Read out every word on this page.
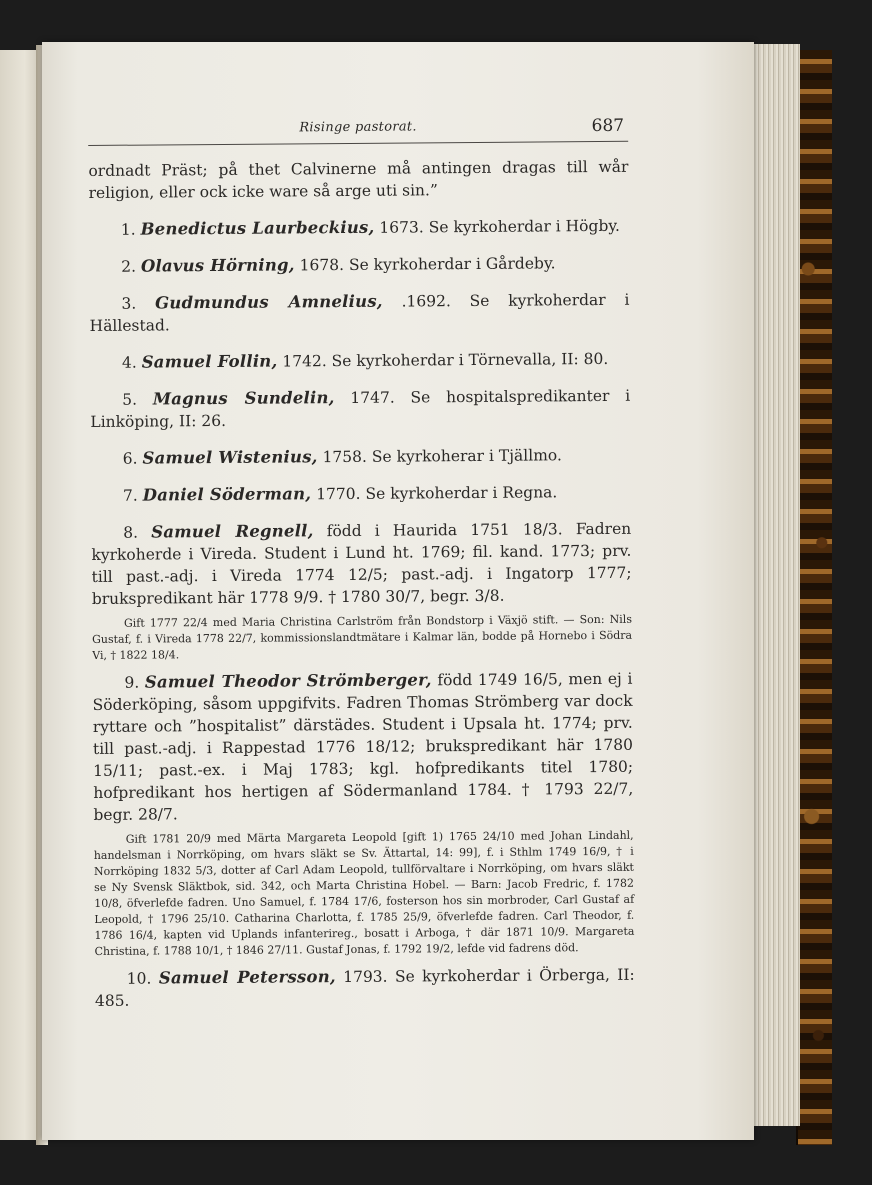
Risinge pastorat.	687

ordnadt Präst; på thet Calvinerne må antingen dragas till wår religion, eller ock icke ware så arge uti sin.”

1. Benedictus Laurbeckius, 1673. Se kyrkoherdar i Högby.

2. Olavus Hörning, 1678. Se kyrkoherdar i Gårdeby.

3. Gudmundus Amnelius, .1692. Se kyrkoherdar i Hällestad.

4. Samuel Follin, 1742. Se kyrkoherdar i Törnevalla, II: 80.

5. Magnus Sundelin, 1747. Se hospitalspredikanter i Linköping, II: 26.

6. Samuel Wistenius, 1758. Se kyrkoherar i Tjällmo.

7. Daniel Söderman, 1770. Se kyrkoherdar i Regna.

8. Samuel Regnell, född i Haurida 1751 18/3. Fadren kyrkoherde i Vireda. Student i Lund ht. 1769; fil. kand. 1773; prv. till past.-adj. i Vireda 1774 12/5; past.-adj. i Ingatorp 1777; brukspredikant här 1778 9/9. † 1780 30/7, begr. 3/8.

Gift 1777 22/4 med Maria Christina Carlström från Bondstorp i Växjö stift. — Son: Nils Gustaf, f. i Vireda 1778 22/7, kommissionslandtmätare i Kalmar län, bodde på Hornebo i Södra Vi, † 1822 18/4.

9. Samuel Theodor Strömberger, född 1749 16/5, men ej i Söderköping, såsom uppgifvits. Fadren Thomas Strömberg var dock ryttare och ”hospitalist” därstädes. Student i Upsala ht. 1774; prv. till past.-adj. i Rappestad 1776 18/12; brukspredikant här 1780 15/11; past.-ex. i Maj 1783; kgl. hofpredikants titel 1780; hofpredikant hos hertigen af Södermanland 1784. † 1793 22/7, begr. 28/7.

Gift 1781 20/9 med Märta Margareta Leopold [gift 1) 1765 24/10 med Johan Lindahl, handelsman i Norrköping, om hvars släkt se Sv. Ättartal, 14: 99], f. i Sthlm 1749 16/9, † i Norrköping 1832 5/3, dotter af Carl Adam Leopold, tullförvaltare i Norrköping, om hvars släkt se Ny Svensk Släktbok, sid. 342, och Marta Christina Hobel. — Barn: Jacob Fredric, f. 1782 10/8, öfverlefde fadren. Uno Samuel, f. 1784 17/6, fosterson hos sin morbroder, Carl Gustaf af Leopold, † 1796 25/10. Catharina Charlotta, f. 1785 25/9, öfverlefde fadren. Carl Theodor, f. 1786 16/4, kapten vid Uplands infanterireg., bosatt i Arboga, † där 1871 10/9. Margareta Christina, f. 1788 10/1, † 1846 27/11. Gustaf Jonas, f. 1792 19/2, lefde vid fadrens död.

10. Samuel Petersson, 1793. Se kyrkoherdar i Örberga, II: 485.
